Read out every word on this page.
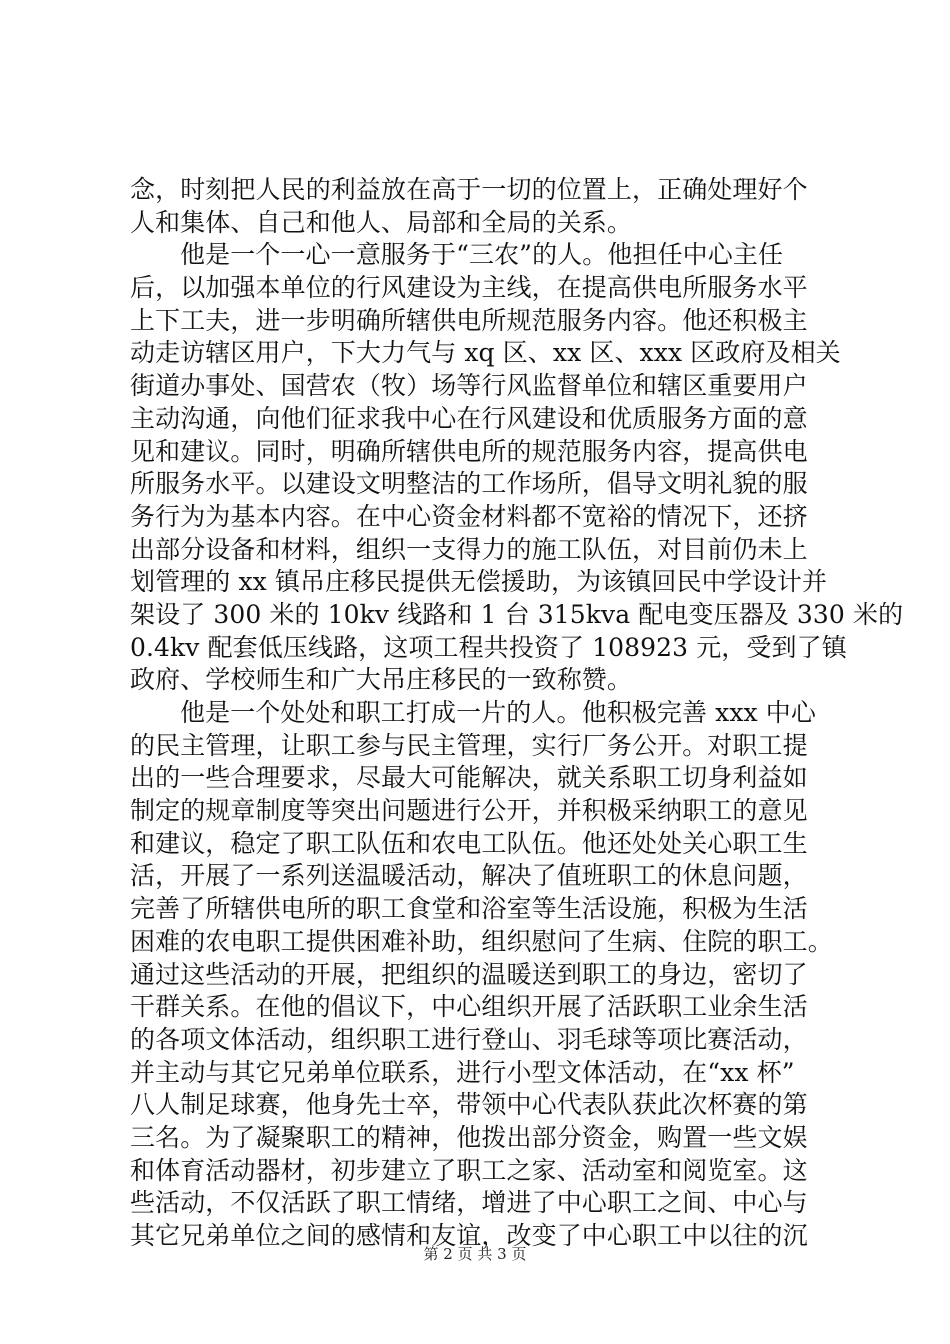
念，时刻把人民的利益放在高于一切的位置上，正确处理好个
人和集体、自己和他人、局部和全局的关系。
他是一个一心一意服务于“三农”的人。他担任中心主任
后，以加强本单位的行风建设为主线，在提高供电所服务水平
上下工夫，进一步明确所辖供电所规范服务内容。他还积极主
动走访辖区用户，下大力气与 xq 区、xx 区、xxx 区政府及相关
街道办事处、国营农（牧）场等行风监督单位和辖区重要用户
主动沟通，向他们征求我中心在行风建设和优质服务方面的意
见和建议。同时，明确所辖供电所的规范服务内容，提高供电
所服务水平。以建设文明整洁的工作场所，倡导文明礼貌的服
务行为为基本内容。在中心资金材料都不宽裕的情况下，还挤
出部分设备和材料，组织一支得力的施工队伍，对目前仍未上
划管理的 xx 镇吊庄移民提供无偿援助，为该镇回民中学设计并
架设了 300 米的 10kv 线路和 1 台 315kva 配电变压器及 330 米的
0.4kv 配套低压线路，这项工程共投资了 108923 元，受到了镇
政府、学校师生和广大吊庄移民的一致称赞。
他是一个处处和职工打成一片的人。他积极完善 xxx 中心
的民主管理，让职工参与民主管理，实行厂务公开。对职工提
出的一些合理要求，尽最大可能解决，就关系职工切身利益如
制定的规章制度等突出问题进行公开，并积极采纳职工的意见
和建议，稳定了职工队伍和农电工队伍。他还处处关心职工生
活，开展了一系列送温暖活动，解决了值班职工的休息问题，
完善了所辖供电所的职工食堂和浴室等生活设施，积极为生活
困难的农电职工提供困难补助，组织慰问了生病、住院的职工。
通过这些活动的开展，把组织的温暖送到职工的身边，密切了
干群关系。在他的倡议下，中心组织开展了活跃职工业余生活
的各项文体活动，组织职工进行登山、羽毛球等项比赛活动，
并主动与其它兄弟单位联系，进行小型文体活动，在“xx 杯”
八人制足球赛，他身先士卒，带领中心代表队获此次杯赛的第
三名。为了凝聚职工的精神，他拨出部分资金，购置一些文娱
和体育活动器材，初步建立了职工之家、活动室和阅览室。这
些活动，不仅活跃了职工情绪，增进了中心职工之间、中心与
其它兄弟单位之间的感情和友谊，改变了中心职工中以往的沉
第 2 页 共 3 页
